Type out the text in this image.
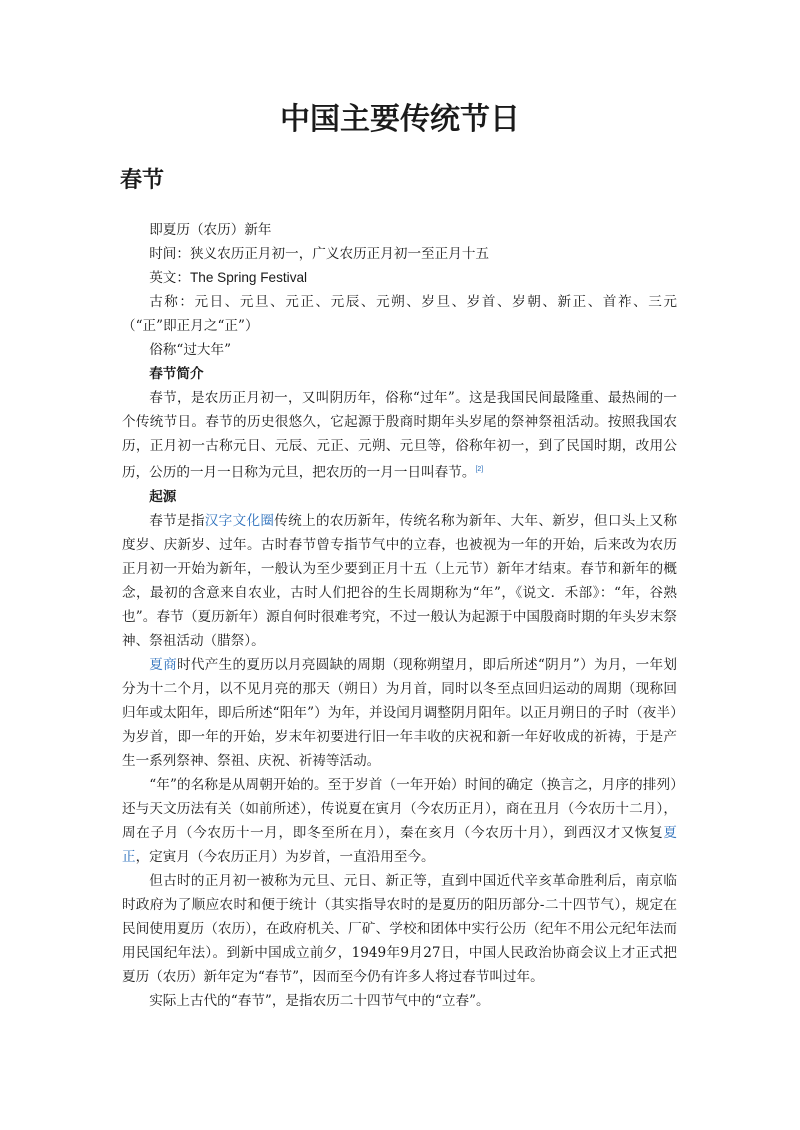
中国主要传统节日
春节

即夏历（农历）新年

时间：狭义农历正月初一，广义农历正月初一至正月十五

英文：The Spring Festival

古称：元日、元旦、元正、元辰、元朔、岁旦、岁首、岁朝、新正、首祚、三元（“正”即正月之“正”）

俗称“过大年”

春节简介

春节，是农历正月初一，又叫阴历年，俗称“过年”。这是我国民间最隆重、最热闹的一个传统节日。春节的历史很悠久，它起源于殷商时期年头岁尾的祭神祭祖活动。按照我国农历，正月初一古称元日、元辰、元正、元朔、元旦等，俗称年初一，到了民国时期，改用公历，公历的一月一日称为元旦，把农历的一月一日叫春节。[2]

起源

春节是指汉字文化圈传统上的农历新年，传统名称为新年、大年、新岁，但口头上又称度岁、庆新岁、过年。古时春节曾专指节气中的立春，也被视为一年的开始，后来改为农历正月初一开始为新年，一般认为至少要到正月十五（上元节）新年才结束。春节和新年的概念，最初的含意来自农业，古时人们把谷的生长周期称为“年”，《说文．禾部》：“年，谷熟也”。春节（夏历新年）源自何时很难考究，不过一般认为起源于中国殷商时期的年头岁末祭神、祭祖活动（腊祭）。

夏商时代产生的夏历以月亮圆缺的周期（现称朔望月，即后所述“阴月”）为月，一年划分为十二个月，以不见月亮的那天（朔日）为月首，同时以冬至点回归运动的周期（现称回归年或太阳年，即后所述“阳年”）为年，并设闰月调整阴月阳年。以正月朔日的子时（夜半）为岁首，即一年的开始，岁末年初要进行旧一年丰收的庆祝和新一年好收成的祈祷，于是产生一系列祭神、祭祖、庆祝、祈祷等活动。

“年”的名称是从周朝开始的。至于岁首（一年开始）时间的确定（换言之，月序的排列）还与天文历法有关（如前所述），传说夏在寅月（今农历正月），商在丑月（今农历十二月），周在子月（今农历十一月，即冬至所在月），秦在亥月（今农历十月），到西汉才又恢复夏正，定寅月（今农历正月）为岁首，一直沿用至今。

但古时的正月初一被称为元旦、元日、新正等，直到中国近代辛亥革命胜利后，南京临时政府为了顺应农时和便于统计（其实指导农时的是夏历的阳历部分-二十四节气），规定在民间使用夏历（农历），在政府机关、厂矿、学校和团体中实行公历（纪年不用公元纪年法而用民国纪年法）。到新中国成立前夕，1949年9月27日，中国人民政治协商会议上才正式把夏历（农历）新年定为“春节”，因而至今仍有许多人将过春节叫过年。

实际上古代的“春节”，是指农历二十四节气中的“立春”。
